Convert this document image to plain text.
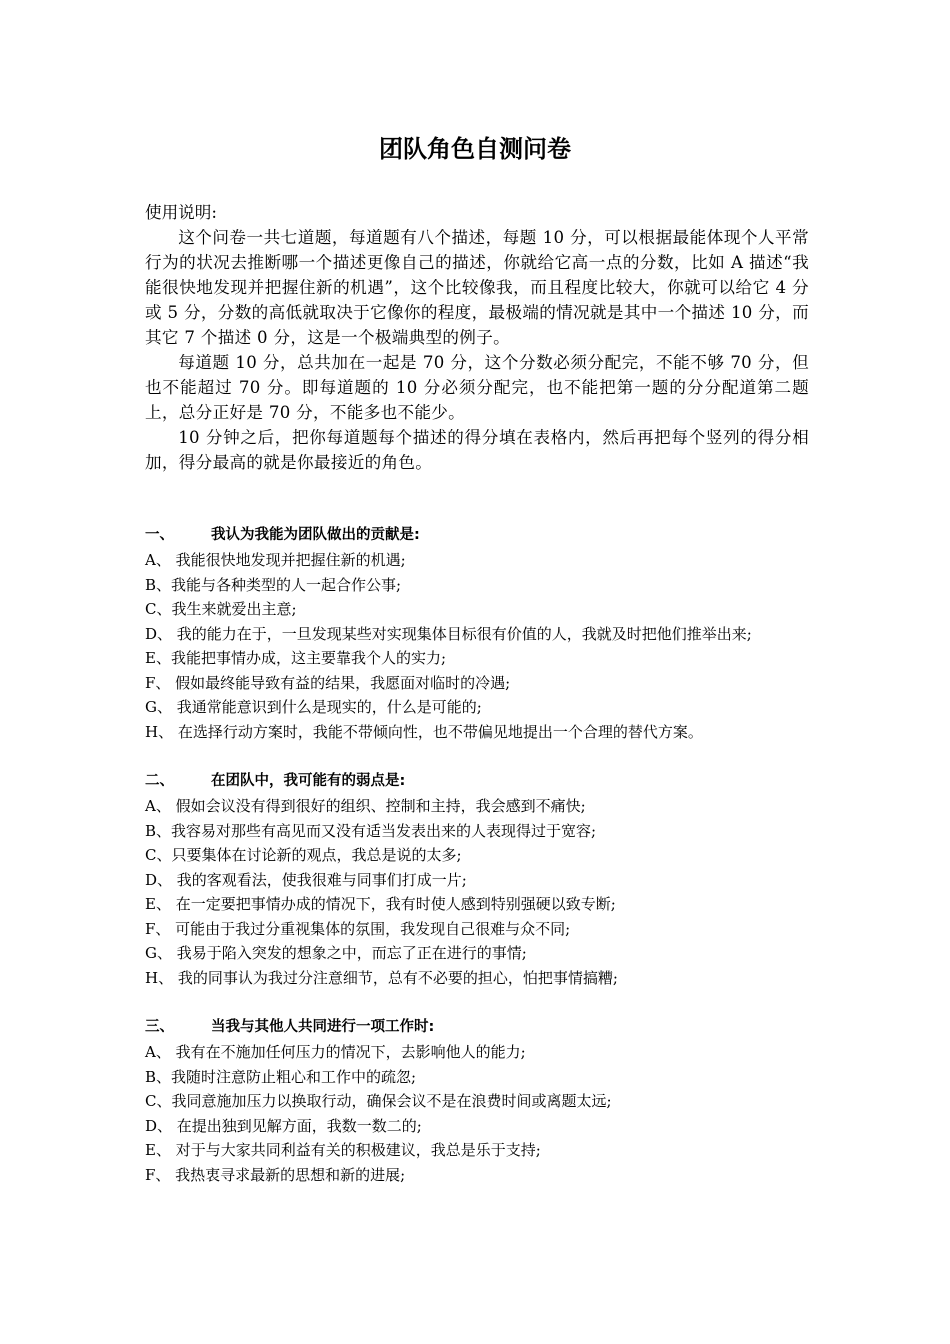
团队角色自测问卷

使用说明:

这个问卷一共七道题，每道题有八个描述，每题 10 分，可以根据最能体现个人平常行为的状况去推断哪一个描述更像自己的描述，你就给它高一点的分数，比如 A 描述“我能很快地发现并把握住新的机遇”，这个比较像我，而且程度比较大，你就可以给它 4 分或 5 分，分数的高低就取决于它像你的程度，最极端的情况就是其中一个描述 10 分，而其它 7 个描述 0 分，这是一个极端典型的例子。

每道题 10 分，总共加在一起是 70 分，这个分数必须分配完，不能不够 70 分，但也不能超过 70 分。即每道题的 10 分必须分配完，也不能把第一题的分分配道第二题上，总分正好是 70 分，不能多也不能少。

10 分钟之后，把你每道题每个描述的得分填在表格内，然后再把每个竖列的得分相加，得分最高的就是你最接近的角色。

一、	我认为我能为团队做出的贡献是:

A、 我能很快地发现并把握住新的机遇;

B、我能与各种类型的人一起合作公事;

C、我生来就爱出主意;

D、 我的能力在于，一旦发现某些对实现集体目标很有价值的人，我就及时把他们推举出来;

E、我能把事情办成，这主要靠我个人的实力;

F、 假如最终能导致有益的结果，我愿面对临时的冷遇;

G、 我通常能意识到什么是现实的，什么是可能的;

H、 在选择行动方案时，我能不带倾向性，也不带偏见地提出一个合理的替代方案。

二、	在团队中，我可能有的弱点是:

A、 假如会议没有得到很好的组织、控制和主持，我会感到不痛快;

B、我容易对那些有高见而又没有适当发表出来的人表现得过于宽容;

C、只要集体在讨论新的观点，我总是说的太多;

D、 我的客观看法，使我很难与同事们打成一片;

E、 在一定要把事情办成的情况下，我有时使人感到特别强硬以致专断;

F、 可能由于我过分重视集体的氛围，我发现自己很难与众不同;

G、 我易于陷入突发的想象之中，而忘了正在进行的事情;

H、 我的同事认为我过分注意细节，总有不必要的担心，怕把事情搞糟;

三、	当我与其他人共同进行一项工作时:

A、 我有在不施加任何压力的情况下，去影响他人的能力;

B、我随时注意防止粗心和工作中的疏忽;

C、我同意施加压力以换取行动，确保会议不是在浪费时间或离题太远;

D、 在提出独到见解方面，我数一数二的;

E、 对于与大家共同利益有关的积极建议，我总是乐于支持;

F、 我热衷寻求最新的思想和新的进展;
